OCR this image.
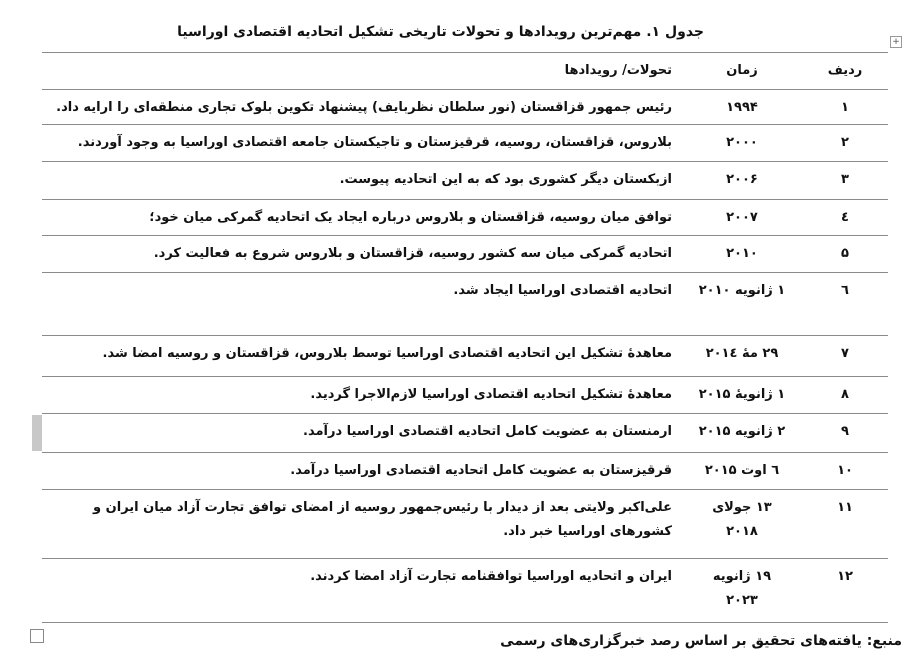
جدول ۱. مهم‌ترین رویدادها و تحولات تاریخی تشکیل اتحادیه اقتصادی اوراسیا
+
ردیف	زمان	تحولات/ رویدادها
۱	۱۹۹۴	رئیس جمهور قزاقستان (نور سلطان نظربایف) پیشنهاد تکوین بلوک تجاری منطقه‌ای را ارایه داد.
۲	۲۰۰۰	بلاروس، قزاقستان، روسیه، قرقیزستان و تاجیکستان جامعه اقتصادی اوراسیا به وجود آوردند.
۳	۲۰۰۶	ازبکستان دیگر کشوری بود که به این اتحادیه پیوست.
٤	۲۰۰۷	توافق میان روسیه، قزاقستان و بلاروس درباره ایجاد یک اتحادیه گمرکی میان خود؛
۵	۲۰۱۰	اتحادیه گمرکی میان سه کشور روسیه، قزاقستان و بلاروس شروع به فعالیت کرد.
٦	۱ ژانویه ۲۰۱۰	اتحادیه اقتصادی اوراسیا ایجاد شد.
۷	۲۹ مهٔ ۲۰۱٤	معاهدهٔ تشکیل این اتحادیه اقتصادی اوراسیا توسط بلاروس، قزاقستان و روسیه امضا شد.
۸	۱ ژانویهٔ ۲۰۱۵	معاهدهٔ تشکیل اتحادیه اقتصادی اوراسیا لازم‌الاجرا گردید.
۹	۲ ژانویه ۲۰۱۵	ارمنستان به عضویت کامل اتحادیه اقتصادی اوراسیا درآمد.
۱۰	٦ اوت ۲۰۱۵	قرقیزستان به عضویت کامل اتحادیه اقتصادی اوراسیا درآمد.
۱۱	۱۳ جولای ۲۰۱۸	علی‌اکبر ولایتی بعد از دیدار با رئیس‌جمهور روسیه از امضای توافق تجارت آزاد میان ایران و کشورهای اوراسیا خبر داد.
۱۲	۱۹ ژانویه ۲۰۲۳	ایران و اتحادیه اوراسیا توافقنامه تجارت آزاد امضا کردند.
منبع: یافته‌های تحقیق بر اساس رصد خبرگزاری‌های رسمی
